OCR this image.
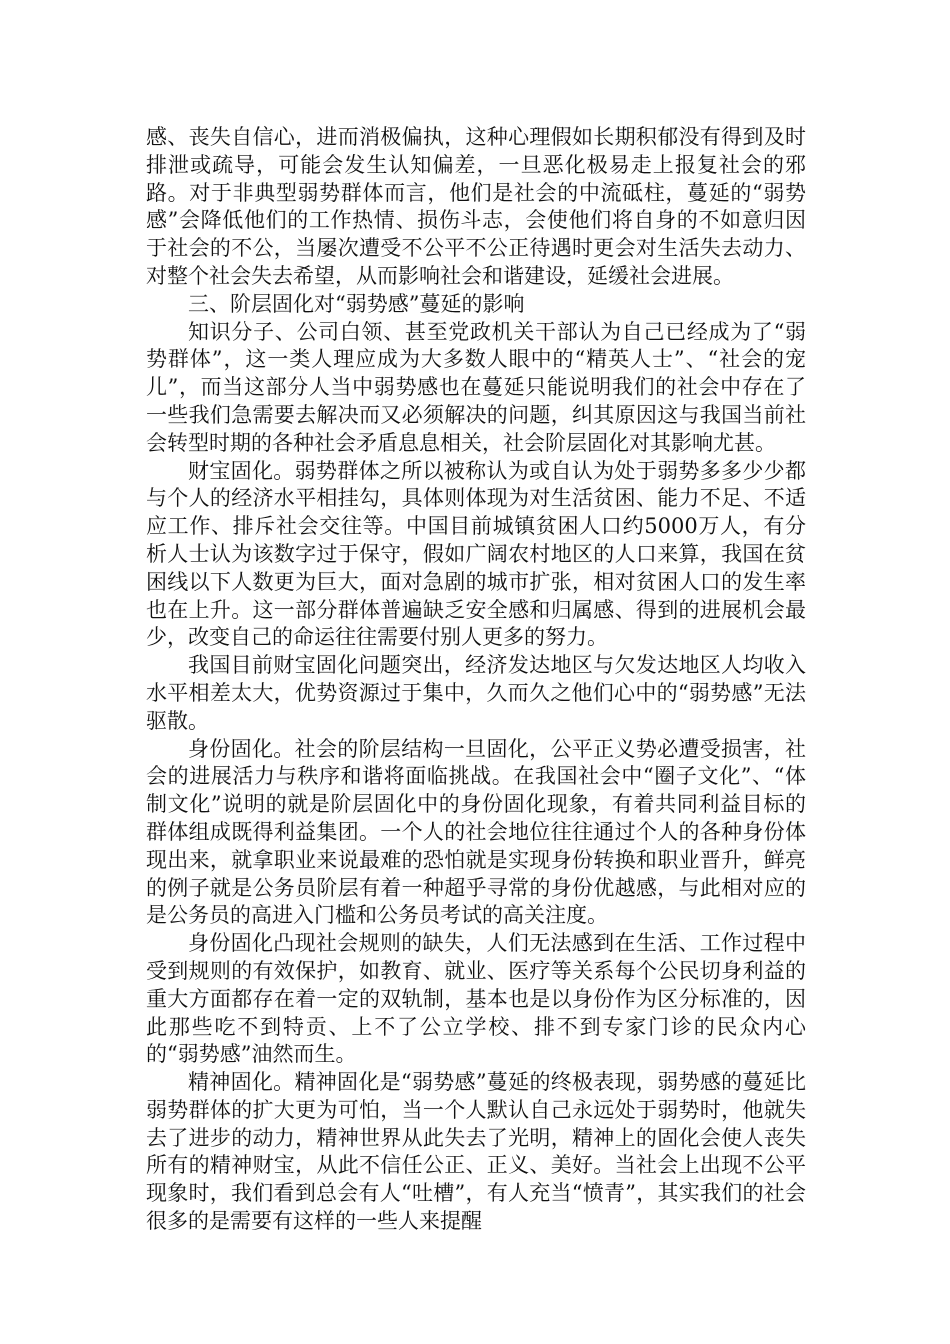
感、丧失自信心，进而消极偏执，这种心理假如长期积郁没有得到及时排泄或疏导，可能会发生认知偏差，一旦恶化极易走上报复社会的邪路。对于非典型弱势群体而言，他们是社会的中流砥柱，蔓延的“弱势感”会降低他们的工作热情、损伤斗志，会使他们将自身的不如意归因于社会的不公，当屡次遭受不公平不公正待遇时更会对生活失去动力、对整个社会失去希望，从而影响社会和谐建设，延缓社会进展。

三、阶层固化对“弱势感”蔓延的影响

知识分子、公司白领、甚至党政机关干部认为自己已经成为了“弱势群体”，这一类人理应成为大多数人眼中的“精英人士”、“社会的宠儿”，而当这部分人当中弱势感也在蔓延只能说明我们的社会中存在了一些我们急需要去解决而又必须解决的问题，纠其原因这与我国当前社会转型时期的各种社会矛盾息息相关，社会阶层固化对其影响尤甚。

财宝固化。弱势群体之所以被称认为或自认为处于弱势多多少少都与个人的经济水平相挂勾，具体则体现为对生活贫困、能力不足、不适应工作、排斥社会交往等。中国目前城镇贫困人口约5000万人，有分析人士认为该数字过于保守，假如广阔农村地区的人口来算，我国在贫困线以下人数更为巨大，面对急剧的城市扩张，相对贫困人口的发生率也在上升。这一部分群体普遍缺乏安全感和归属感、得到的进展机会最少，改变自己的命运往往需要付别人更多的努力。

我国目前财宝固化问题突出，经济发达地区与欠发达地区人均收入水平相差太大，优势资源过于集中，久而久之他们心中的“弱势感”无法驱散。

身份固化。社会的阶层结构一旦固化，公平正义势必遭受损害，社会的进展活力与秩序和谐将面临挑战。在我国社会中“圈子文化”、“体制文化”说明的就是阶层固化中的身份固化现象，有着共同利益目标的群体组成既得利益集团。一个人的社会地位往往通过个人的各种身份体现出来，就拿职业来说最难的恐怕就是实现身份转换和职业晋升，鲜亮的例子就是公务员阶层有着一种超乎寻常的身份优越感，与此相对应的是公务员的高进入门槛和公务员考试的高关注度。

身份固化凸现社会规则的缺失，人们无法感到在生活、工作过程中受到规则的有效保护，如教育、就业、医疗等关系每个公民切身利益的重大方面都存在着一定的双轨制，基本也是以身份作为区分标准的，因此那些吃不到特贡、上不了公立学校、排不到专家门诊的民众内心的“弱势感”油然而生。

精神固化。精神固化是“弱势感”蔓延的终极表现，弱势感的蔓延比弱势群体的扩大更为可怕，当一个人默认自己永远处于弱势时，他就失去了进步的动力，精神世界从此失去了光明，精神上的固化会使人丧失所有的精神财宝，从此不信任公正、正义、美好。当社会上出现不公平现象时，我们看到总会有人“吐槽”，有人充当“愤青”，其实我们的社会很多的是需要有这样的一些人来提醒
